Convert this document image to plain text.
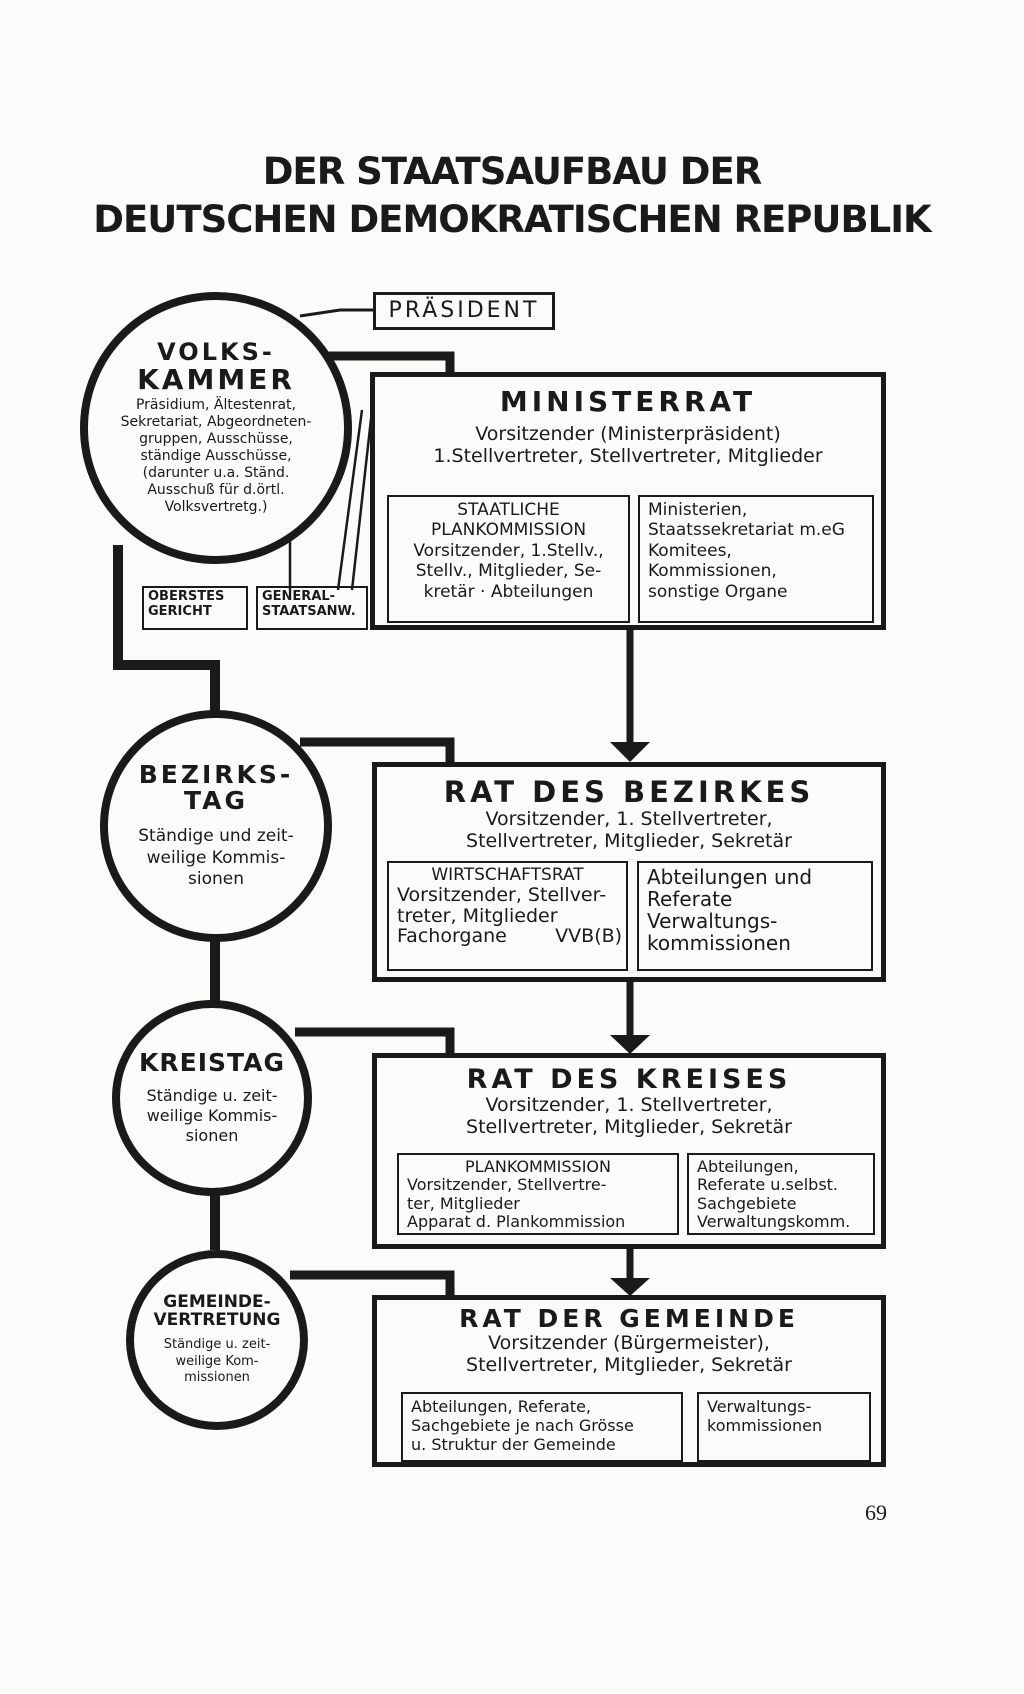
DER STAATSAUFBAU DER
DEUTSCHEN DEMOKRATISCHEN REPUBLIK
PRÄSIDENT
VOLKS-
KAMMER
Präsidium, Ältestenrat,
Sekretariat, Abgeordneten-
gruppen, Ausschüsse,
ständige Ausschüsse,
(darunter u.a. Ständ.
Ausschuß für d.örtl.
Volksvertretg.)
OBERSTES
GERICHT
GENERAL-
STAATSANW.
MINISTERRAT
Vorsitzender (Ministerpräsident)
1.Stellvertreter, Stellvertreter, Mitglieder
STAATLICHE
PLANKOMMISSION
Vorsitzender, 1.Stellv.,
Stellv., Mitglieder, Se-
kretär · Abteilungen
Ministerien,
Staatssekretariat m.eG
Komitees,
Kommissionen,
sonstige Organe
BEZIRKS-
TAG
Ständige und zeit-
weilige Kommis-
sionen
RAT DES BEZIRKES
Vorsitzender, 1. Stellvertreter,
Stellvertreter, Mitglieder, Sekretär
WIRTSCHAFTSRAT
Vorsitzender, Stellver-
treter, Mitglieder
Fachorgane        VVB(B)
Abteilungen und
Referate
Verwaltungs-
kommissionen
KREISTAG
Ständige u. zeit-
weilige Kommis-
sionen
RAT DES KREISES
Vorsitzender, 1. Stellvertreter,
Stellvertreter, Mitglieder, Sekretär
PLANKOMMISSION
Vorsitzender, Stellvertre-
ter, Mitglieder
Apparat d. Plankommission
Abteilungen,
Referate u.selbst.
Sachgebiete
Verwaltungskomm.
GEMEINDE-
VERTRETUNG
Ständige u. zeit-
weilige Kom-
missionen
RAT DER GEMEINDE
Vorsitzender (Bürgermeister),
Stellvertreter, Mitglieder, Sekretär
Abteilungen, Referate,
Sachgebiete je nach Grösse
u. Struktur der Gemeinde
Verwaltungs-
kommissionen
69
